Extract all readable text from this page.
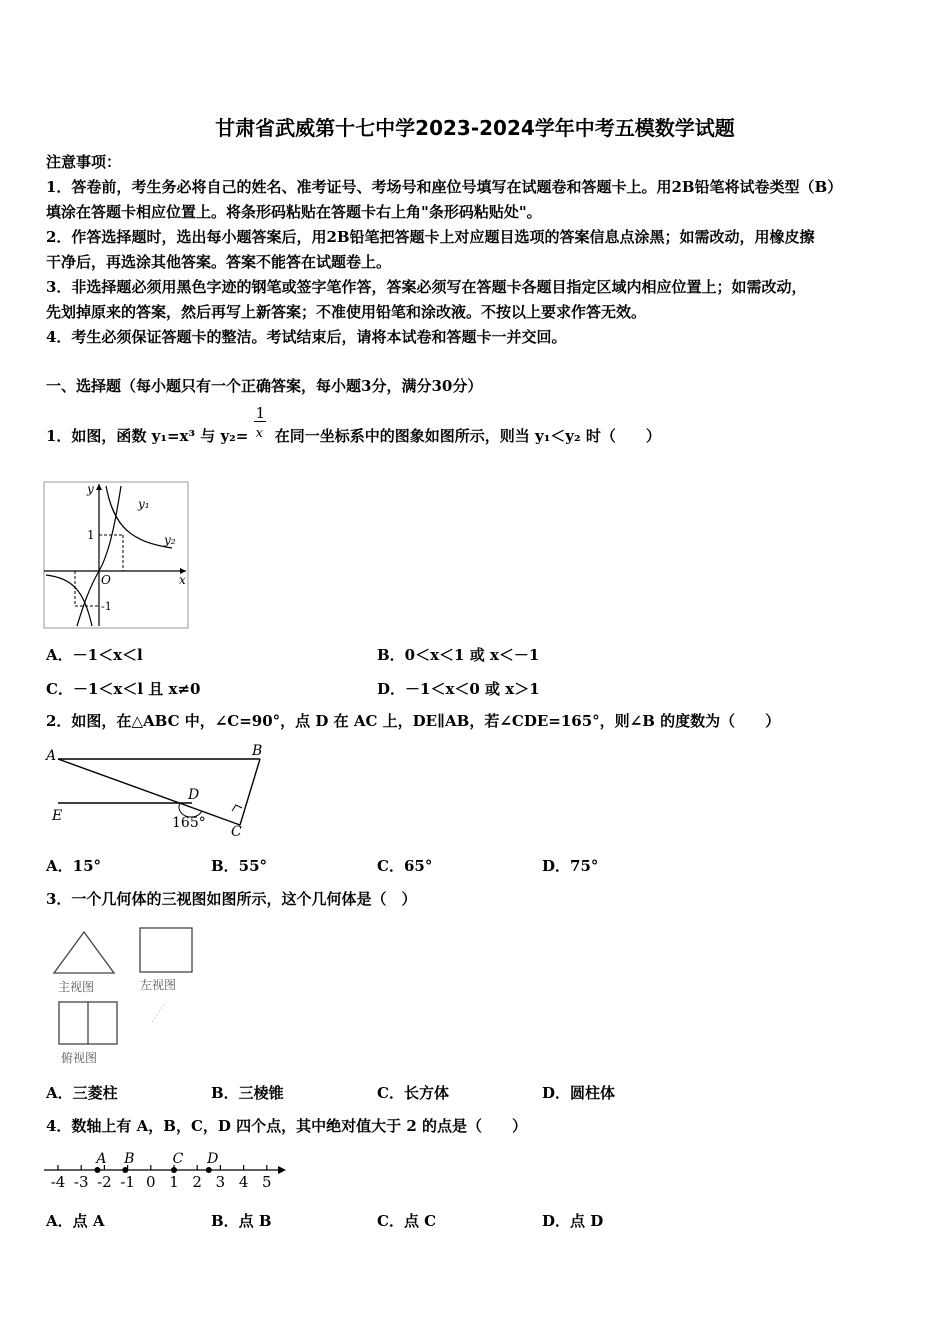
甘肃省武威第十七中学2023-2024学年中考五模数学试题
注意事项：
1．答卷前，考生务必将自己的姓名、准考证号、考场号和座位号填写在试题卷和答题卡上。用2B铅笔将试卷类型（B）
填涂在答题卡相应位置上。将条形码粘贴在答题卡右上角"条形码粘贴处"。
2．作答选择题时，选出每小题答案后，用2B铅笔把答题卡上对应题目选项的答案信息点涂黑；如需改动，用橡皮擦
干净后，再选涂其他答案。答案不能答在试题卷上。
3．非选择题必须用黑色字迹的钢笔或签字笔作答，答案必须写在答题卡各题目指定区域内相应位置上；如需改动，
先划掉原来的答案，然后再写上新答案；不准使用铅笔和涂改液。不按以上要求作答无效。
4．考生必须保证答题卡的整洁。考试结束后，请将本试卷和答题卡一并交回。
一、选择题（每小题只有一个正确答案，每小题3分，满分30分）
1．如图，函数 y₁=x³ 与 $y_2= \frac{1}{x}$ 在同一坐标系中的图象如图所示，则当 y₁＜y₂ 时（　　）
y
x
O
1
-1
y₁
y₂
A．－1＜x＜l	B．0＜x＜1 或 x＜－1
C．－1＜x＜l 且 x≠0	D．－1＜x＜0 或 x＞1
2．如图，在△ABC 中，∠C=90°，点 D 在 AC 上，DE∥AB，若∠CDE=165°，则∠B 的度数为（　　）
A	B
C
D
E	165°
A．15°	B．55°	C．65°	D．75°
3．一个几何体的三视图如图所示，这个几何体是（　）
主视图	左视图
俯视图
A．三菱柱	B．三棱锥	C．长方体	D．圆柱体
4．数轴上有 A，B，C，D 四个点，其中绝对值大于 2 的点是（　　）
-4 -3 -2 -1 0 1 2 3 4 5
A B	C D
A．点 A	B．点 B	C．点 C	D．点 D
